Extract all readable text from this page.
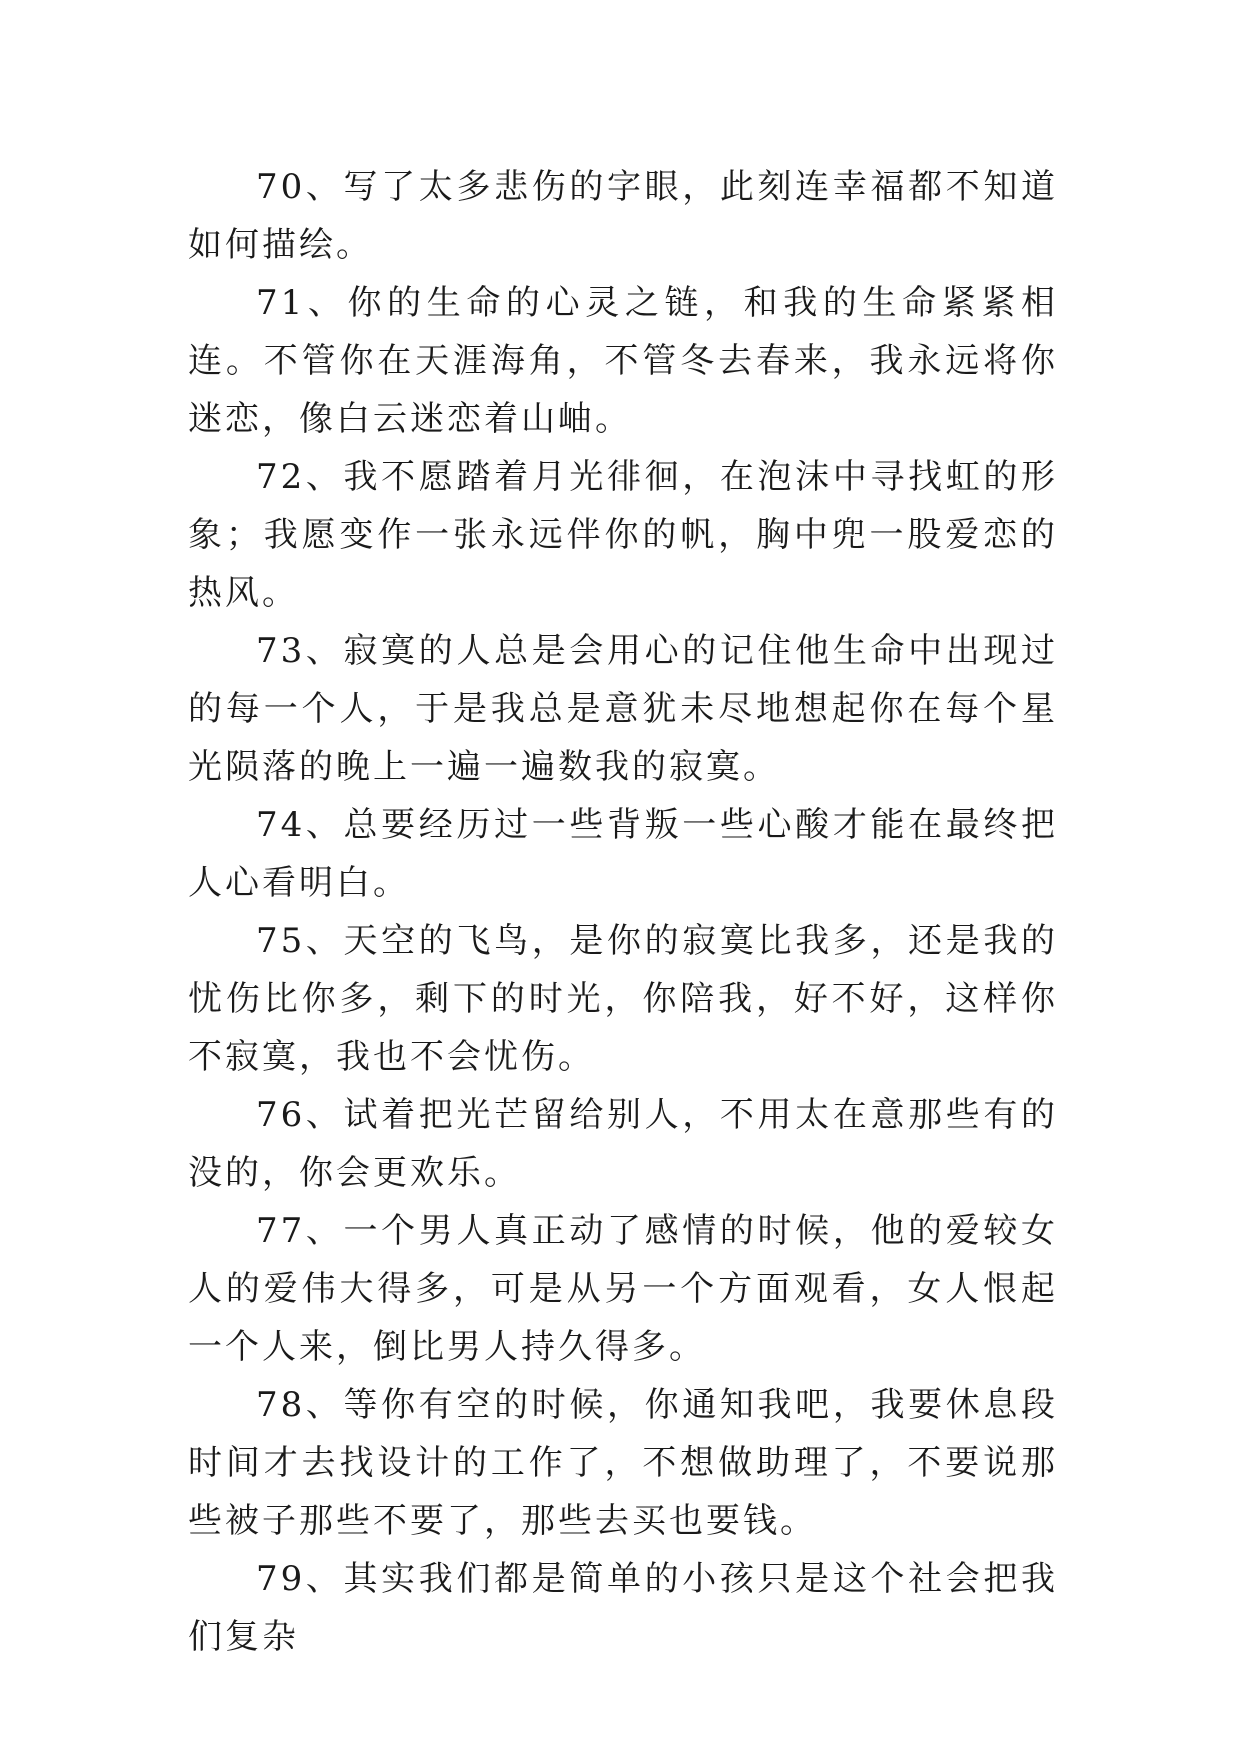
70、写了太多悲伤的字眼，此刻连幸福都不知道如何描绘。

71、你的生命的心灵之链，和我的生命紧紧相连。不管你在天涯海角，不管冬去春来，我永远将你迷恋，像白云迷恋着山岫。

72、我不愿踏着月光徘徊，在泡沫中寻找虹的形象；我愿变作一张永远伴你的帆，胸中兜一股爱恋的热风。

73、寂寞的人总是会用心的记住他生命中出现过的每一个人，于是我总是意犹未尽地想起你在每个星光陨落的晚上一遍一遍数我的寂寞。

74、总要经历过一些背叛一些心酸才能在最终把人心看明白。

75、天空的飞鸟，是你的寂寞比我多，还是我的忧伤比你多，剩下的时光，你陪我，好不好，这样你不寂寞，我也不会忧伤。

76、试着把光芒留给别人，不用太在意那些有的没的，你会更欢乐。

77、一个男人真正动了感情的时候，他的爱较女人的爱伟大得多，可是从另一个方面观看，女人恨起一个人来，倒比男人持久得多。

78、等你有空的时候，你通知我吧，我要休息段时间才去找设计的工作了，不想做助理了，不要说那些被子那些不要了，那些去买也要钱。

79、其实我们都是简单的小孩只是这个社会把我们复杂
